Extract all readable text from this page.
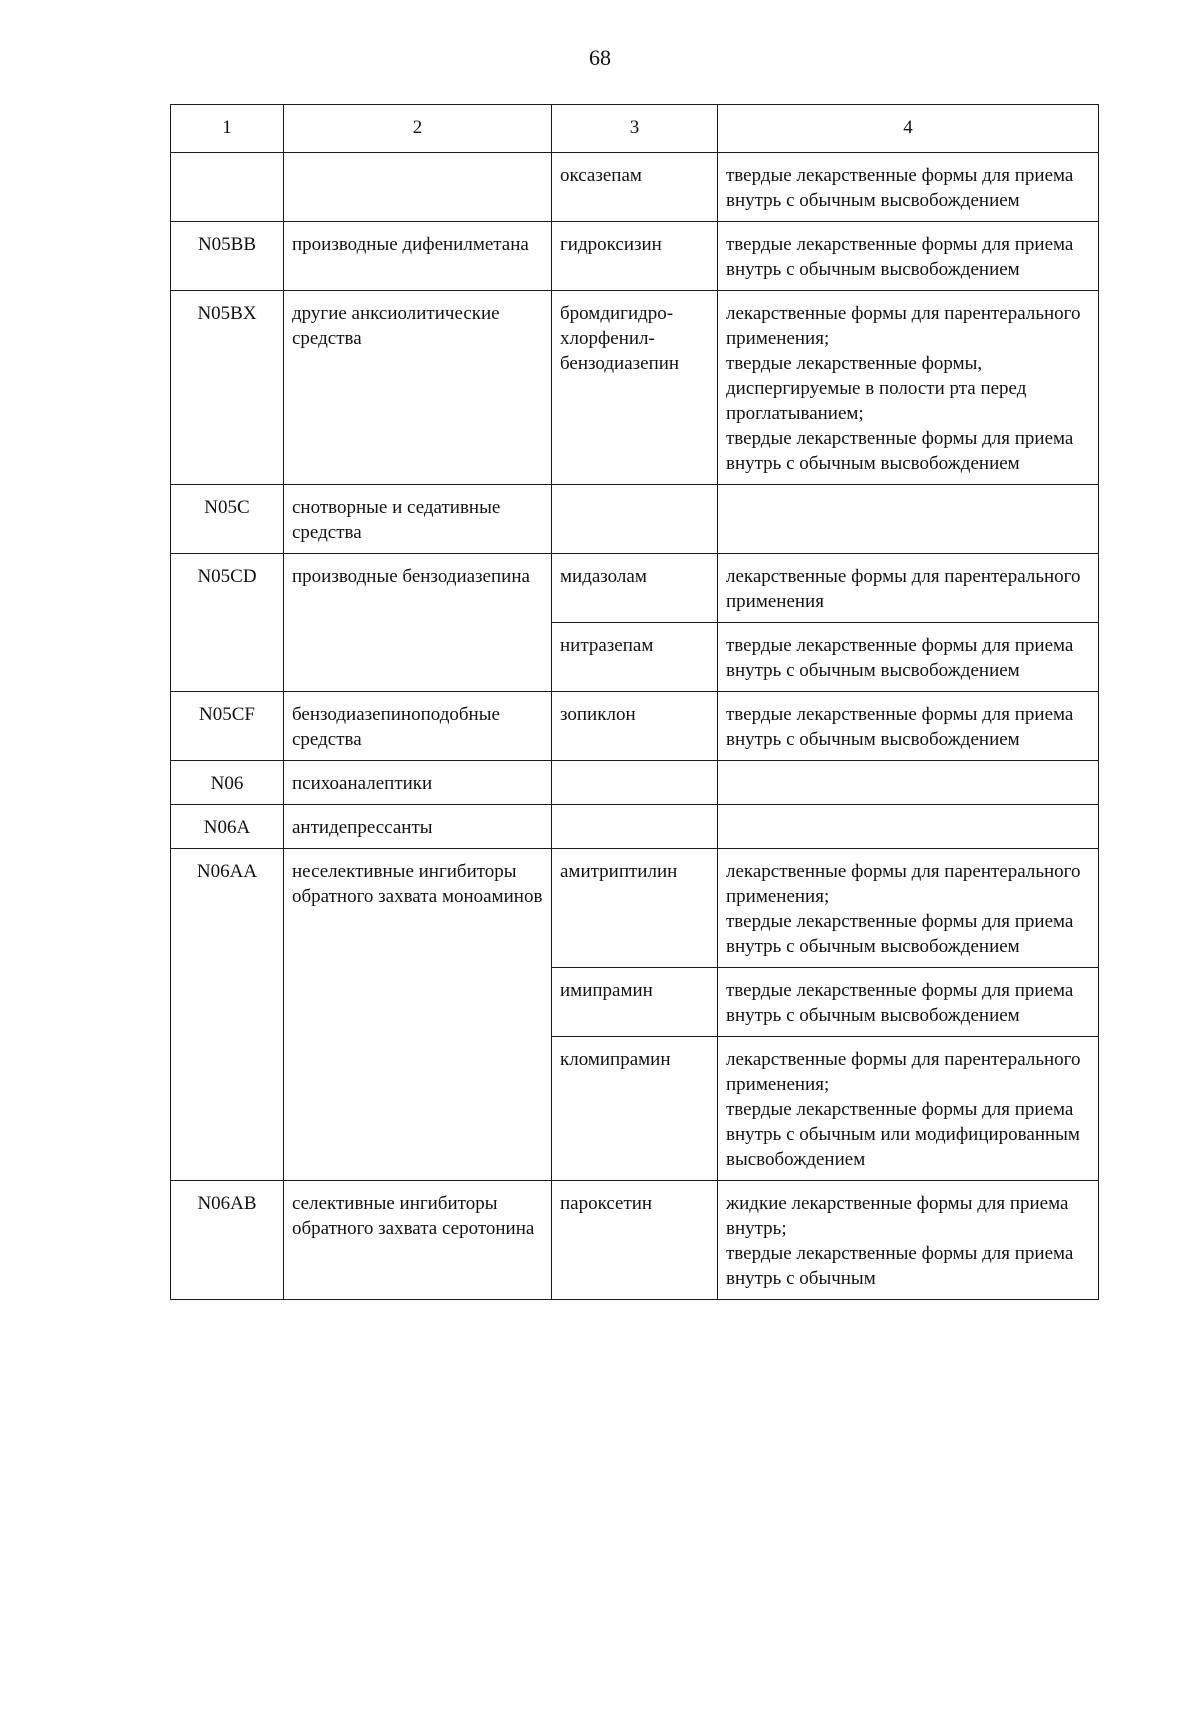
68
1	2	3	4
		оксазепам	твердые лекарственные формы для приема внутрь с обычным высвобождением

N05BB	производные дифенилметана	гидроксизин	твердые лекарственные формы для приема внутрь с обычным высвобождением

N05BX	другие анксиолитические средства	бромдигидро-хлорфенил-бензодиазепин	лекарственные формы для парентерального применения;
твердые лекарственные формы, диспергируемые в полости рта перед проглатыванием;
твердые лекарственные формы для приема внутрь с обычным высвобождением

N05C	снотворные и седативные средства		
N05CD	производные бензодиазепина	мидазолам	лекарственные формы для парентерального применения

		нитразепам	твердые лекарственные формы для приема внутрь с обычным высвобождением

N05CF	бензодиазепиноподобные средства	зопиклон	твердые лекарственные формы для приема внутрь с обычным высвобождением

N06	психоаналептики		
N06A	антидепрессанты		
N06AA	неселективные ингибиторы обратного захвата моноаминов	амитриптилин	лекарственные формы для парентерального применения;
твердые лекарственные формы для приема внутрь с обычным высвобождением

		имипрамин	твердые лекарственные формы для приема внутрь с обычным высвобождением

		кломипрамин	лекарственные формы для парентерального применения;
твердые лекарственные формы для приема внутрь с обычным или модифицированным высвобождением

N06AB	селективные ингибиторы обратного захвата серотонина	пароксетин	жидкие лекарственные формы для приема внутрь;
твердые лекарственные формы для приема внутрь с обычным
